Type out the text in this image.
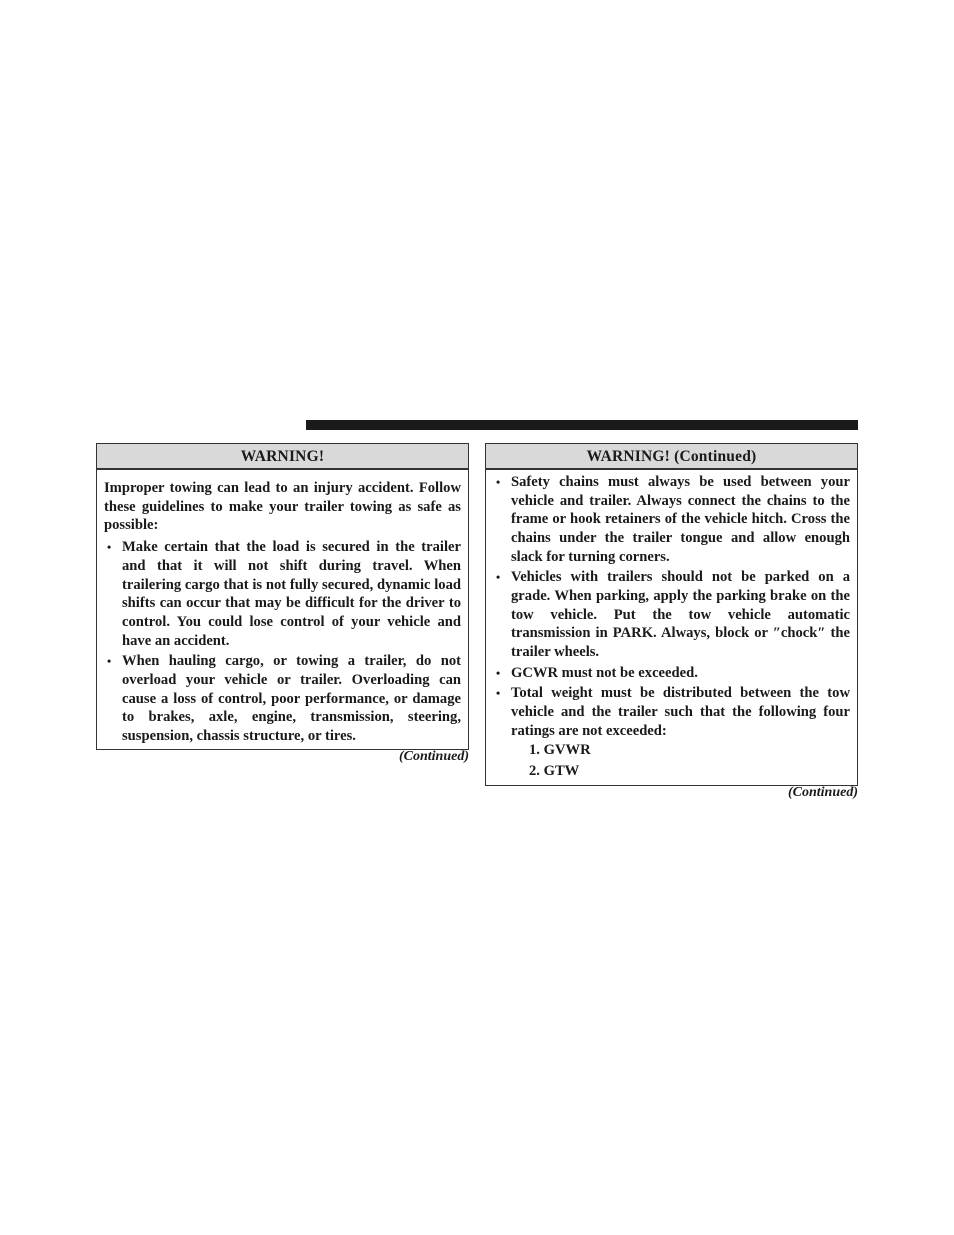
WARNING!

Improper towing can lead to an injury accident. Follow these guidelines to make your trailer towing as safe as possible:

• Make certain that the load is secured in the trailer and that it will not shift during travel. When trailering cargo that is not fully secured, dynamic load shifts can occur that may be difficult for the driver to control. You could lose control of your vehicle and have an accident.
• When hauling cargo, or towing a trailer, do not overload your vehicle or trailer. Overloading can cause a loss of control, poor performance, or damage to brakes, axle, engine, transmission, steering, suspension, chassis structure, or tires.
(Continued)
WARNING! (Continued)
• Safety chains must always be used between your vehicle and trailer. Always connect the chains to the frame or hook retainers of the vehicle hitch. Cross the chains under the trailer tongue and allow enough slack for turning corners.
• Vehicles with trailers should not be parked on a grade. When parking, apply the parking brake on the tow vehicle. Put the tow vehicle automatic transmission in PARK. Always, block or ″chock″ the trailer wheels.
• GCWR must not be exceeded.
• Total weight must be distributed between the tow vehicle and the trailer such that the following four ratings are not exceeded:
1. GVWR
2. GTW
(Continued)
